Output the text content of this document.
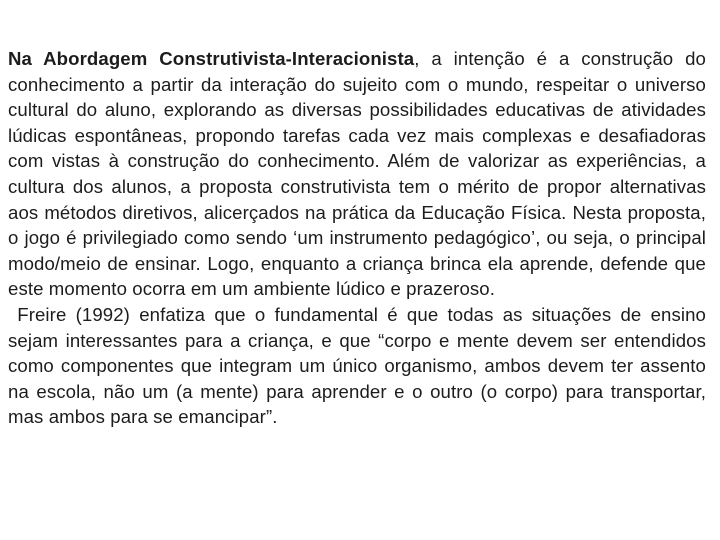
Na Abordagem Construtivista-Interacionista, a intenção é a construção do conhecimento a partir da interação do sujeito com o mundo, respeitar o universo cultural do aluno, explorando as diversas possibilidades educativas de atividades lúdicas espontâneas, propondo tarefas cada vez mais complexas e desafiadoras com vistas à construção do conhecimento. Além de valorizar as experiências, a cultura dos alunos, a proposta construtivista tem o mérito de propor alternativas aos métodos diretivos, alicerçados na prática da Educação Física. Nesta proposta, o jogo é privilegiado como sendo ‘um instrumento pedagógico’, ou seja, o principal modo/meio de ensinar. Logo, enquanto a criança brinca ela aprende, defende que este momento ocorra em um ambiente lúdico e prazeroso.

Freire (1992) enfatiza que o fundamental é que todas as situações de ensino sejam interessantes para a criança, e que “corpo e mente devem ser entendidos como componentes que integram um único organismo, ambos devem ter assento na escola, não um (a mente) para aprender e o outro (o corpo) para transportar, mas ambos para se emancipar”.
